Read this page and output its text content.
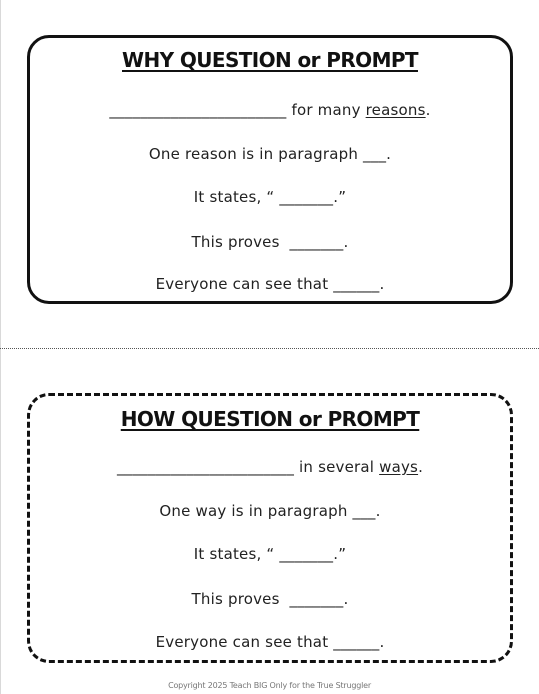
WHY QUESTION or PROMPT
_______________________ for many reasons.
One reason is in paragraph ___.
It states, “ _______.”
This proves  _______.
Everyone can see that ______.
HOW QUESTION or PROMPT
_______________________ in several ways.
One way is in paragraph ___.
It states, “ _______.”
This proves  _______.
Everyone can see that ______.
Copyright 2025 Teach BIG Only for the True Struggler
